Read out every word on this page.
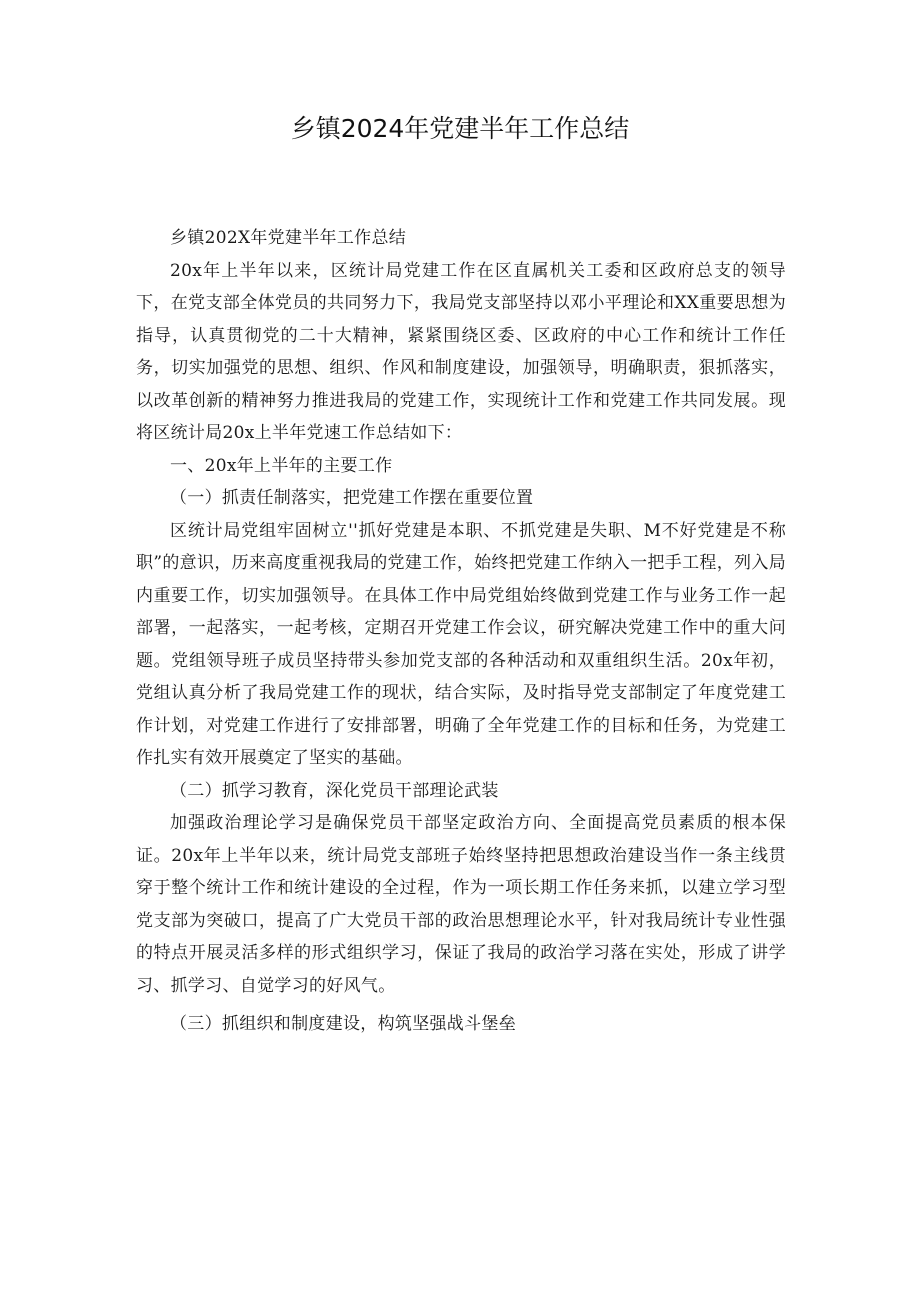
乡镇2024年党建半年工作总结

乡镇202X年党建半年工作总结

20x年上半年以来，区统计局党建工作在区直属机关工委和区政府总支的领导下，在党支部全体党员的共同努力下，我局党支部坚持以邓小平理论和XX重要思想为指导，认真贯彻党的二十大精神，紧紧围绕区委、区政府的中心工作和统计工作任务，切实加强党的思想、组织、作风和制度建设，加强领导，明确职责，狠抓落实，以改革创新的精神努力推进我局的党建工作，实现统计工作和党建工作共同发展。现将区统计局20x上半年党速工作总结如下：

一、20x年上半年的主要工作

（一）抓责任制落实，把党建工作摆在重要位置

区统计局党组牢固树立''抓好党建是本职、不抓党建是失职、M不好党建是不称职”的意识，历来高度重视我局的党建工作，始终把党建工作纳入一把手工程，列入局内重要工作，切实加强领导。在具体工作中局党组始终做到党建工作与业务工作一起部署，一起落实，一起考核，定期召开党建工作会议，研究解决党建工作中的重大问题。党组领导班子成员坚持带头参加党支部的各种活动和双重组织生活。20x年初，党组认真分析了我局党建工作的现状，结合实际，及时指导党支部制定了年度党建工作计划，对党建工作进行了安排部署，明确了全年党建工作的目标和任务，为党建工作扎实有效开展奠定了坚实的基础。

（二）抓学习教育，深化党员干部理论武装

加强政治理论学习是确保党员干部坚定政治方向、全面提高党员素质的根本保证。20x年上半年以来，统计局党支部班子始终坚持把思想政治建设当作一条主线贯穿于整个统计工作和统计建设的全过程，作为一项长期工作任务来抓，以建立学习型党支部为突破口，提高了广大党员干部的政治思想理论水平，针对我局统计专业性强的特点开展灵活多样的形式组织学习，保证了我局的政治学习落在实处，形成了讲学习、抓学习、自觉学习的好风气。

（三）抓组织和制度建设，构筑坚强战斗堡垒
